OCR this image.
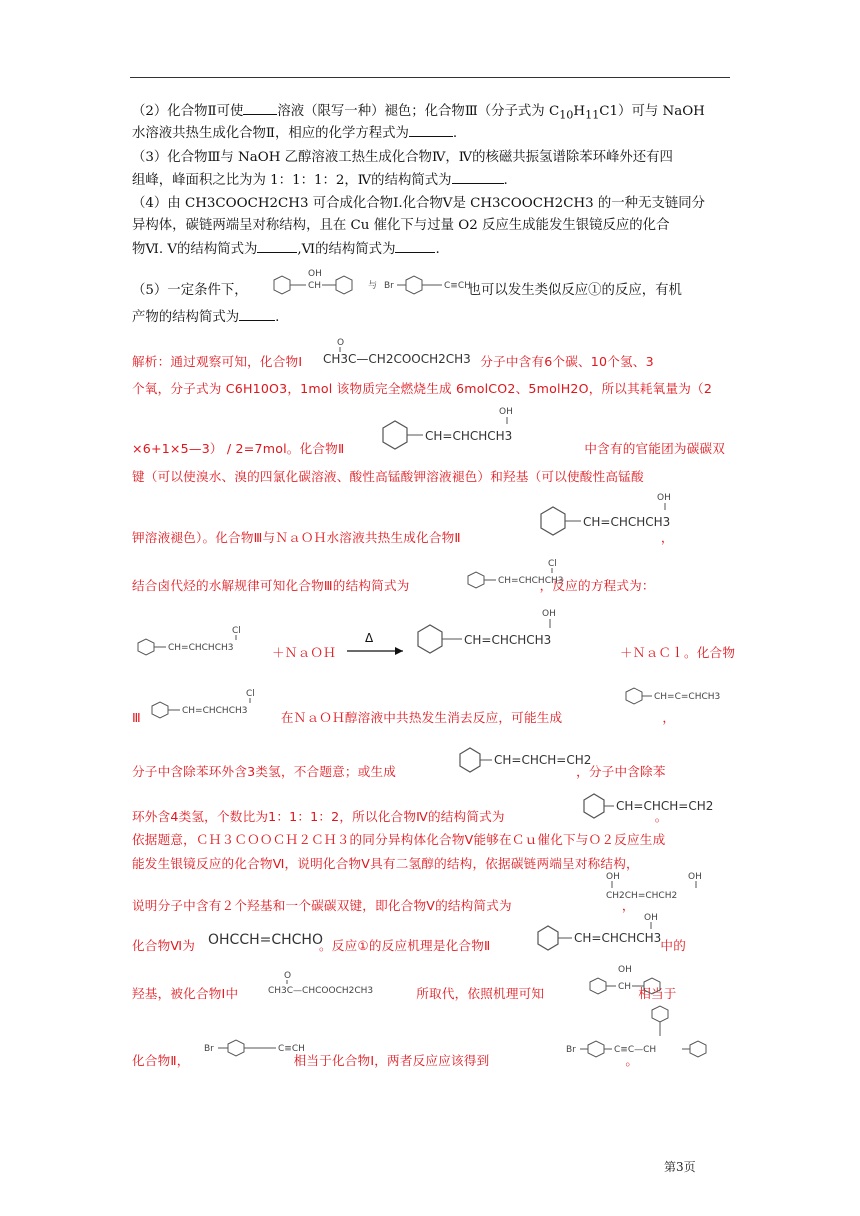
（2）化合物Ⅱ可使	溶液（限写一种）褪色；化合物Ⅲ（分子式为 $C_{10}H_{11}C1$）可与 NaOH
水溶液共热生成化合物Ⅱ，相应的化学方程式为	.
（3）化合物Ⅲ与 NaOH 乙醇溶液工热生成化合物Ⅳ，Ⅳ的核磁共振氢谱除苯环峰外还有四
组峰，峰面积之比为为 1：1：1：2，Ⅳ的结构简式为	.
（4）由 CH3COOCH2CH3 可合成化合物Ⅰ.化合物Ⅴ是 CH3COOCH2CH3 的一种无支链同分
异构体，碳链两端呈对称结构，且在 Cu 催化下与过量 O2 反应生成能发生银镜反应的化合
物Ⅵ. Ⅴ的结构简式为	,Ⅵ的结构简式为	.
（5）一定条件下，	也可以发生类似反应①的反应，有机
OH
CH	与 Br	C≡CH
产物的结构简式为	.
解析：通过观察可知，化合物Ⅰ	分子中含有6个碳、10个氢、3
O
CH3C—CH2COOCH2CH3
个氧，分子式为 C6H10O3，1mol 该物质完全燃烧生成 6molCO2、5molH2O，所以其耗氧量为（2
×6+1×5—3） / 2=7mol。化合物Ⅱ	中含有的官能团为碳碳双
OH
CH=CHCHCH3
键（可以使溴水、溴的四氯化碳溶液、酸性高锰酸钾溶液褪色）和羟基（可以使酸性高锰酸
钾溶液褪色）。化合物Ⅲ与ＮａＯＨ水溶液共热生成化合物Ⅱ	，
OH
CH=CHCHCH3
结合卤代烃的水解规律可知化合物Ⅲ的结构简式为	，反应的方程式为：
Cl
CH=CHCHCH3
Cl
CH=CHCHCH3	＋ＮａＯＨ
Δ
OH
CH=CHCHCH3
＋ＮａＣｌ。化合物
Ⅲ	在ＮａＯＨ醇溶液中共热发生消去反应，可能生成	，
Cl
CH=CHCHCH3
CH=C=CHCH3
分子中含除苯环外含3类氢，不合题意；或生成	，分子中含除苯
CH=CHCH=CH2
环外含4类氢，个数比为1：1：1：2，所以化合物Ⅳ的结构简式为	。
CH=CHCH=CH2
依据题意，ＣＨ３ＣＯＯＣＨ２ＣＨ３的同分异构体化合物Ⅴ能够在Ｃｕ催化下与Ｏ２反应生成
能发生银镜反应的化合物Ⅵ，说明化合物Ⅴ具有二氢醇的结构，依据碳链两端呈对称结构，
说明分子中含有２个羟基和一个碳碳双键，即化合物Ⅴ的结构简式为	，
OH	OH
CH2CH=CHCH2
化合物Ⅵ为	。反应①的反应机理是化合物Ⅱ	中的
OHCCH=CHCHO
OH
CH=CHCHCH3
羟基，被化合物Ⅰ中	所取代，依照机理可知	相当于
O
CH3C—CHCOOCH2CH3
OH
CH
化合物Ⅱ，	相当于化合物Ⅰ，两者反应应该得到	。
Br	C≡CH	Br	C≡C—CH
第3页
